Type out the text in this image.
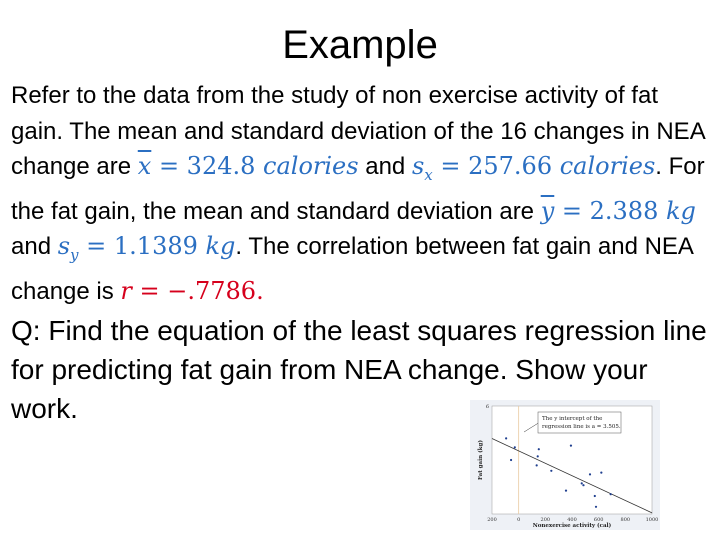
Example

Refer to the data from the study of non exercise activity of fat gain. The mean and standard deviation of the 16 changes in NEA change are $\overline{x} = 324.8$ calories and $s_x = 257.66$ calories. For the fat gain, the mean and standard deviation are $\overline{y} = 2.388$ kg and $s_y = 1.1389$ kg. The correlation between fat gain and NEA change is r = −.7786.

Q: Find the equation of the least squares regression line for predicting fat gain from NEA change. Show your work.

200	0	200	400	600	800	1000
6
Nonexercise activity (cal)
Fat gain (kg)
The y intercept of the regression line is a = 3.505.
